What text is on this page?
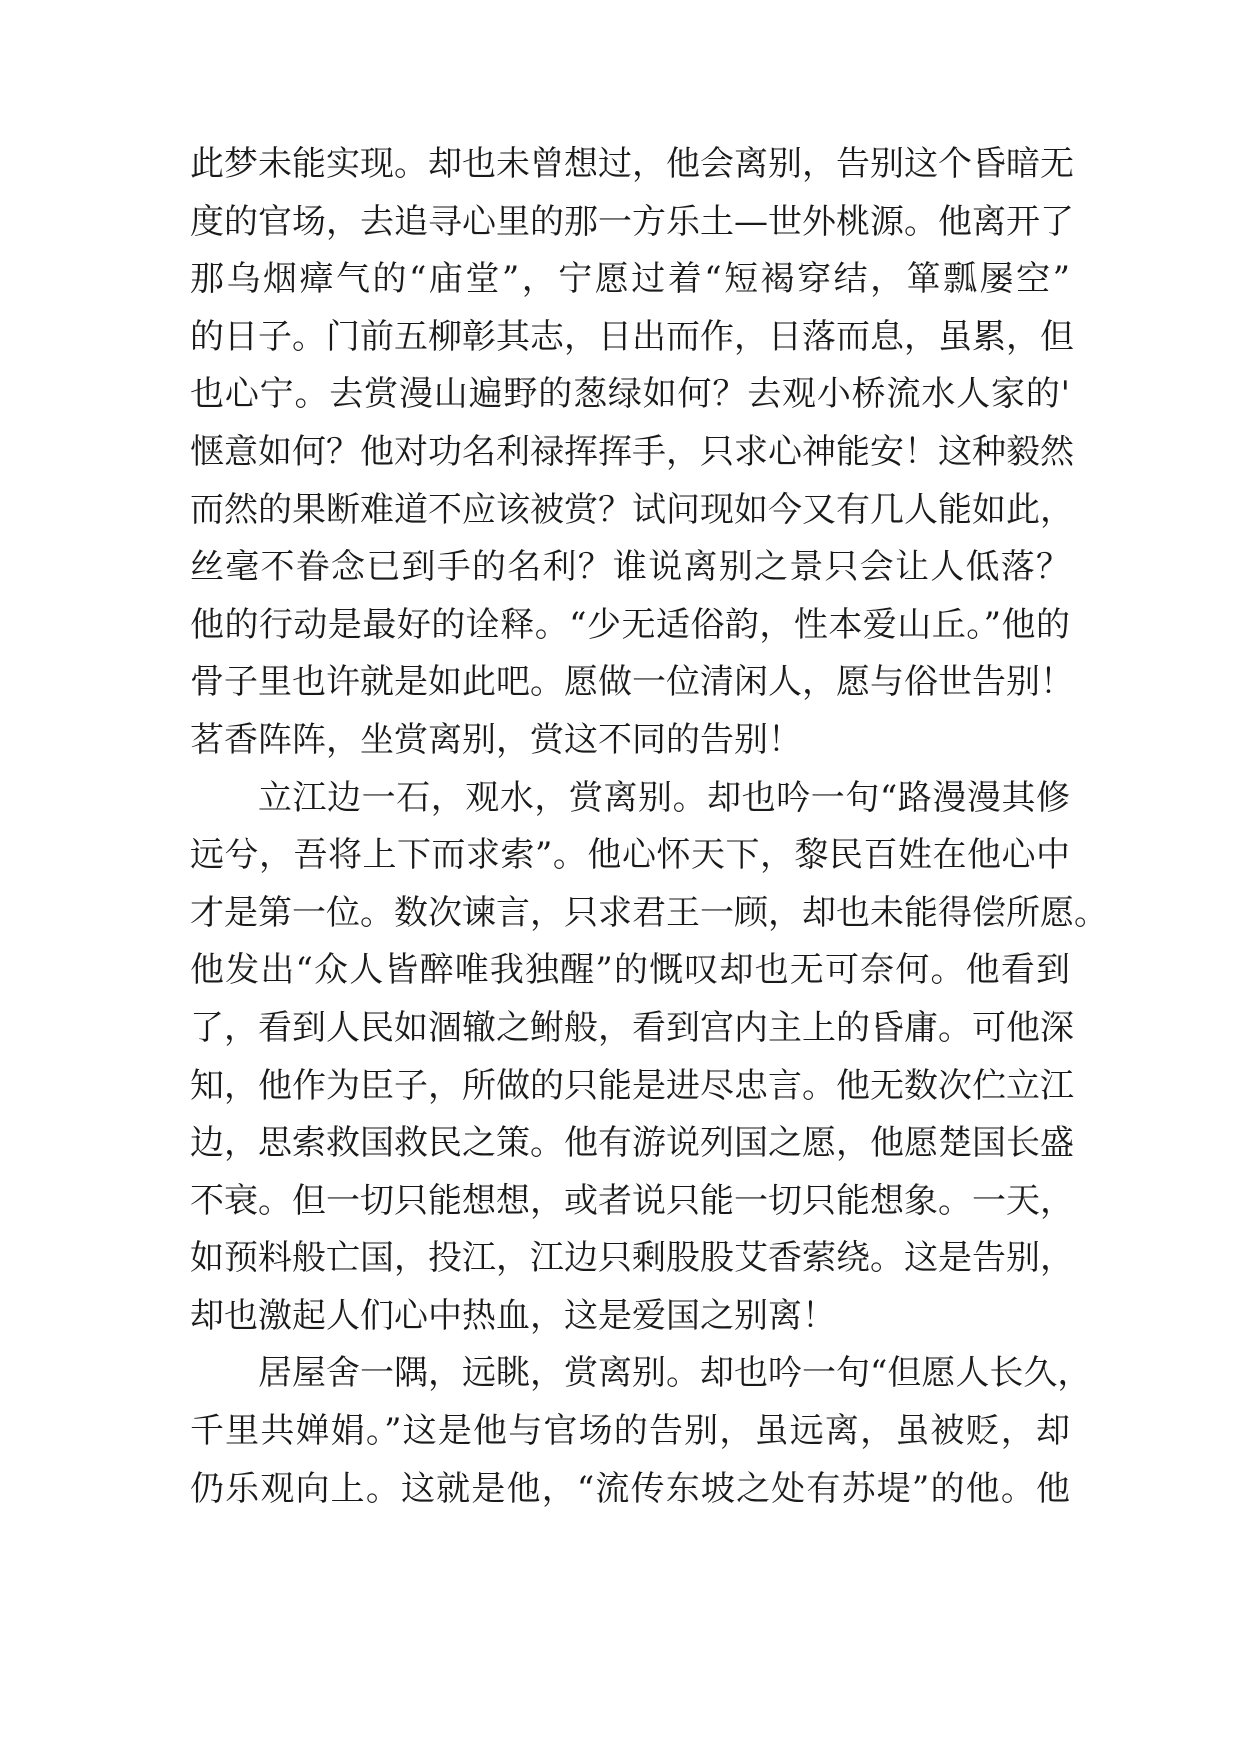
此梦未能实现。却也未曾想过，他会离别，告别这个昏暗无
度的官场，去追寻心里的那一方乐土—世外桃源。他离开了
那乌烟瘴气的“庙堂”，宁愿过着“短褐穿结，箪瓢屡空”
的日子。门前五柳彰其志，日出而作，日落而息，虽累，但
也心宁。去赏漫山遍野的葱绿如何？去观小桥流水人家的'
惬意如何？他对功名利禄挥挥手，只求心神能安！这种毅然
而然的果断难道不应该被赏？试问现如今又有几人能如此，
丝毫不眷念已到手的名利？谁说离别之景只会让人低落？
他的行动是最好的诠释。“少无适俗韵，性本爱山丘。”他的
骨子里也许就是如此吧。愿做一位清闲人，愿与俗世告别！
茗香阵阵，坐赏离别，赏这不同的告别！
立江边一石，观水，赏离别。却也吟一句“路漫漫其修
远兮，吾将上下而求索”。他心怀天下，黎民百姓在他心中
才是第一位。数次谏言，只求君王一顾，却也未能得偿所愿。
他发出“众人皆醉唯我独醒”的慨叹却也无可奈何。他看到
了，看到人民如涸辙之鲋般，看到宫内主上的昏庸。可他深
知，他作为臣子，所做的只能是进尽忠言。他无数次伫立江
边，思索救国救民之策。他有游说列国之愿，他愿楚国长盛
不衰。但一切只能想想，或者说只能一切只能想象。一天，
如预料般亡国，投江，江边只剩股股艾香萦绕。这是告别，
却也激起人们心中热血，这是爱国之别离！
居屋舍一隅，远眺，赏离别。却也吟一句“但愿人长久，
千里共婵娟。”这是他与官场的告别，虽远离，虽被贬，却
仍乐观向上。这就是他，“流传东坡之处有苏堤”的他。他
